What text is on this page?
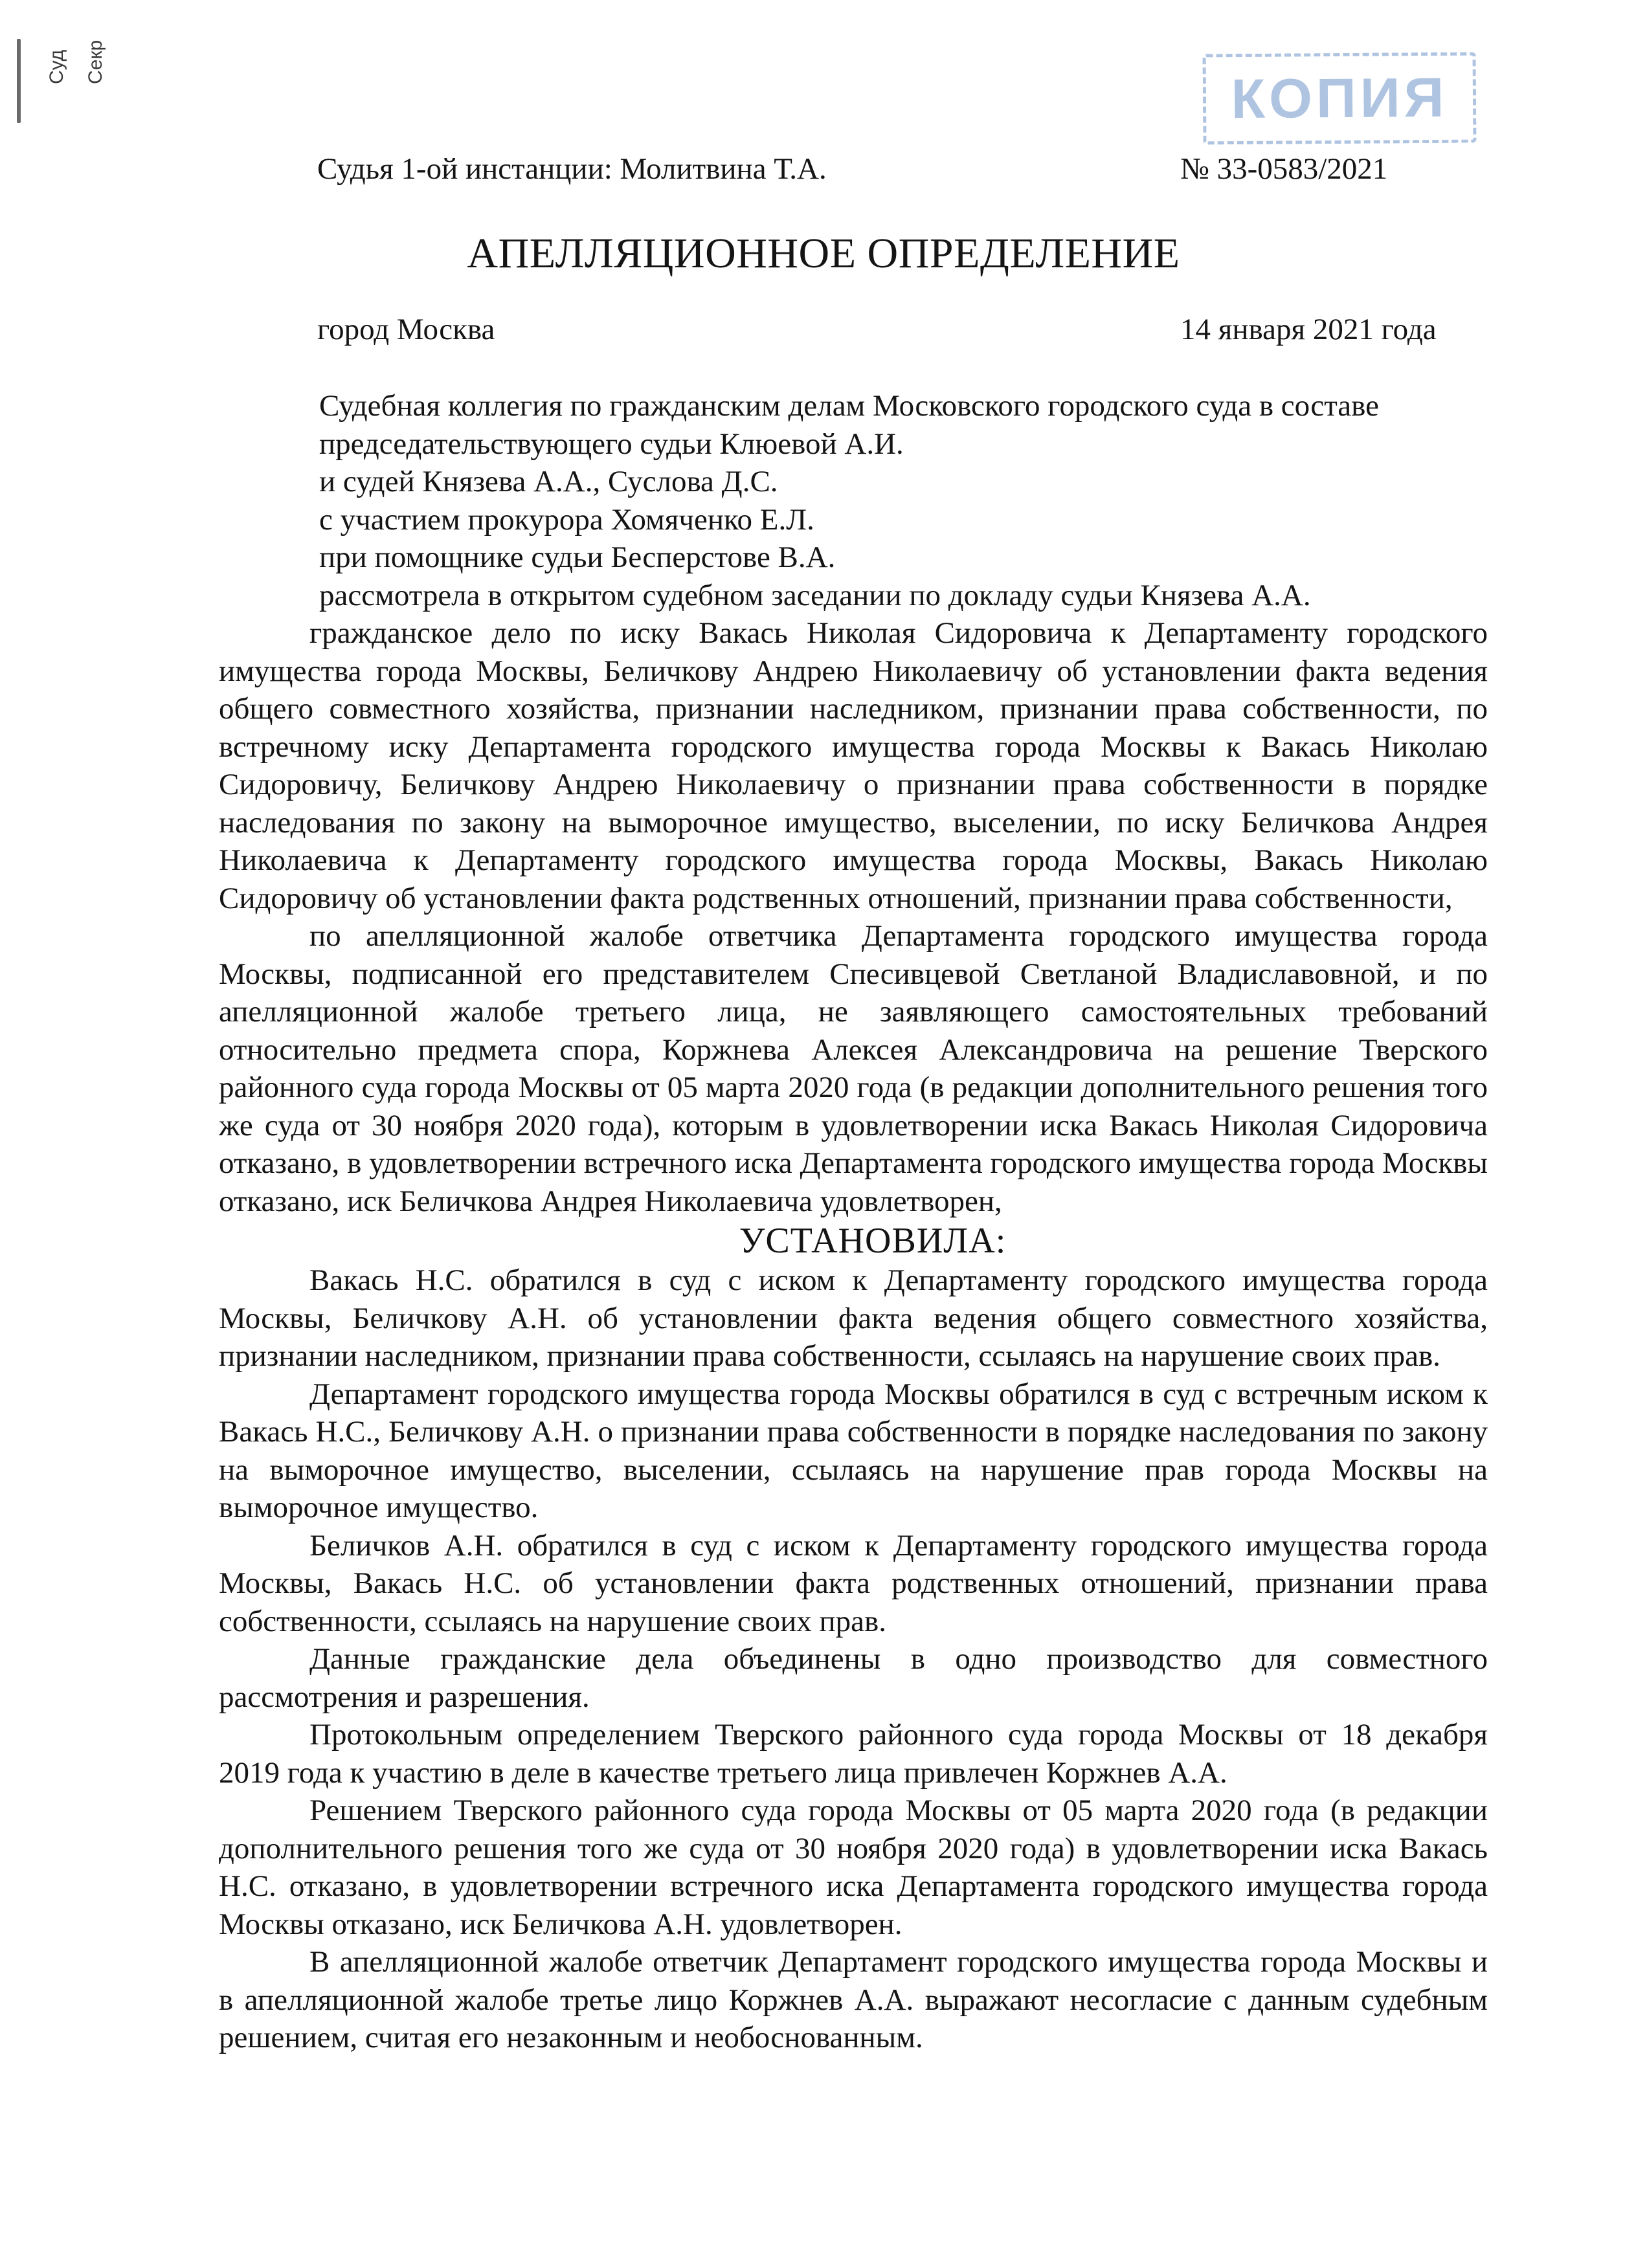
Суд Секр
КОПИЯ
Судья 1-ой инстанции: Молитвина Т.А.	№ 33-0583/2021
АПЕЛЛЯЦИОННОЕ ОПРЕДЕЛЕНИЕ
город Москва	14 января 2021 года

Судебная коллегия по гражданским делам Московского городского суда в составе

председательствующего судьи Клюевой А.И.

и судей Князева А.А., Суслова Д.С.

с участием прокурора Хомяченко Е.Л.

при помощнике судьи Бесперстове В.А.

рассмотрела в открытом судебном заседании по докладу судьи Князева А.А.

гражданское дело по иску Вакась Николая Сидоровича к Департаменту городского имущества города Москвы, Беличкову Андрею Николаевичу об установлении факта ведения общего совместного хозяйства, признании наследником, признании права собственности, по встречному иску Департамента городского имущества города Москвы к Вакась Николаю Сидоровичу, Беличкову Андрею Николаевичу о признании права собственности в порядке наследования по закону на выморочное имущество, выселении, по иску Беличкова Андрея Николаевича к Департаменту городского имущества города Москвы, Вакась Николаю Сидоровичу об установлении факта родственных отношений, признании права собственности,

по апелляционной жалобе ответчика Департамента городского имущества города Москвы, подписанной его представителем Спесивцевой Светланой Владиславовной, и по апелляционной жалобе третьего лица, не заявляющего самостоятельных требований относительно предмета спора, Коржнева Алексея Александровича на решение Тверского районного суда города Москвы от 05 марта 2020 года (в редакции дополнительного решения того же суда от 30 ноября 2020 года), которым в удовлетворении иска Вакась Николая Сидоровича отказано, в удовлетворении встречного иска Департамента городского имущества города Москвы отказано, иск Беличкова Андрея Николаевича удовлетворен,

УСТАНОВИЛА:

Вакась Н.С. обратился в суд с иском к Департаменту городского имущества города Москвы, Беличкову А.Н. об установлении факта ведения общего совместного хозяйства, признании наследником, признании права собственности, ссылаясь на нарушение своих прав.

Департамент городского имущества города Москвы обратился в суд с встречным иском к Вакась Н.С., Беличкову А.Н. о признании права собственности в порядке наследования по закону на выморочное имущество, выселении, ссылаясь на нарушение прав города Москвы на выморочное имущество.

Беличков А.Н. обратился в суд с иском к Департаменту городского имущества города Москвы, Вакась Н.С. об установлении факта родственных отношений, признании права собственности, ссылаясь на нарушение своих прав.

Данные гражданские дела объединены в одно производство для совместного рассмотрения и разрешения.

Протокольным определением Тверского районного суда города Москвы от 18 декабря 2019 года к участию в деле в качестве третьего лица привлечен Коржнев А.А.

Решением Тверского районного суда города Москвы от 05 марта 2020 года (в редакции дополнительного решения того же суда от 30 ноября 2020 года) в удовлетворении иска Вакась Н.С. отказано, в удовлетворении встречного иска Департамента городского имущества города Москвы отказано, иск Беличкова А.Н. удовлетворен.

В апелляционной жалобе ответчик Департамент городского имущества города Москвы и в апелляционной жалобе третье лицо Коржнев А.А. выражают несогласие с данным судебным решением, считая его незаконным и необоснованным.
